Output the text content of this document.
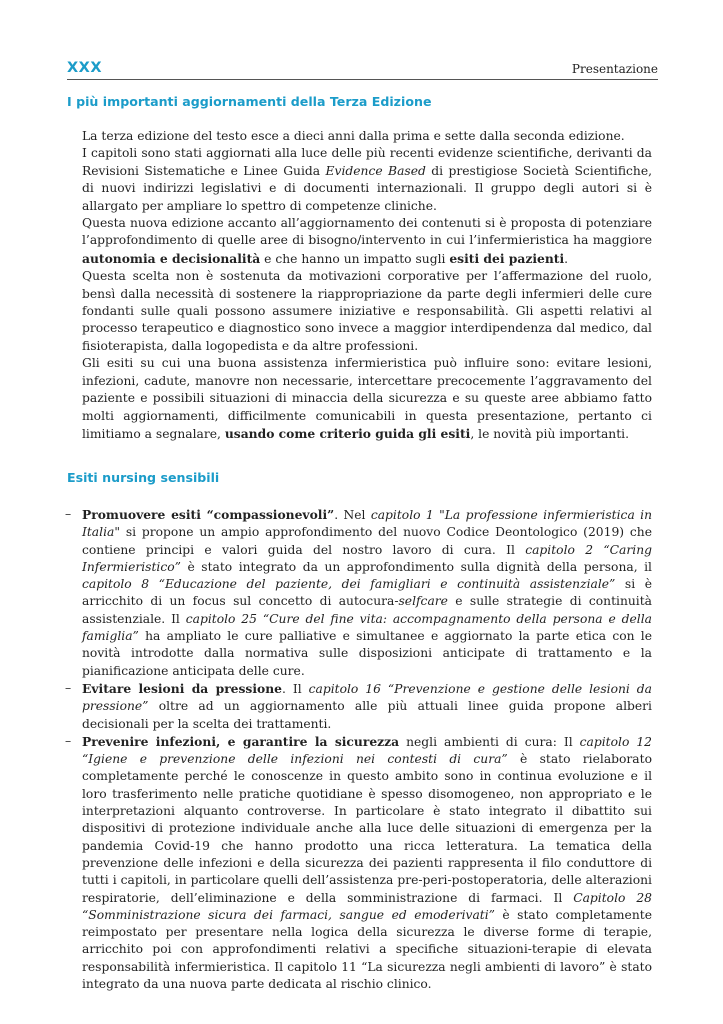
XXX	Presentazione
I più importanti aggiornamenti della Terza Edizione

La terza edizione del testo esce a dieci anni dalla prima e sette dalla seconda edizione.

I capitoli sono stati aggiornati alla luce delle più recenti evidenze scientifiche, derivanti da Revisioni Sistematiche e Linee Guida Evidence Based di prestigiose Società Scientifiche, di nuovi indirizzi legislativi e di documenti internazionali. Il gruppo degli autori si è allargato per ampliare lo spettro di competenze cliniche.

Questa nuova edizione accanto all’aggiornamento dei contenuti si è proposta di potenziare l’approfondimento di quelle aree di bisogno/intervento in cui l’infermieristica ha maggiore autonomia e decisionalità e che hanno un impatto sugli esiti dei pazienti.

Questa scelta non è sostenuta da motivazioni corporative per l’affermazione del ruolo, bensì dalla necessità di sostenere la riappropriazione da parte degli infermieri delle cure fondanti sulle quali possono assumere iniziative e responsabilità. Gli aspetti relativi al processo terapeutico e diagnostico sono invece a maggior interdipendenza dal medico, dal fisioterapista, dalla logopedista e da altre professioni.

Gli esiti su cui una buona assistenza infermieristica può influire sono: evitare lesioni, infezioni, cadute, manovre non necessarie, intercettare precocemente l’aggravamento del paziente e possibili situazioni di minaccia della sicurezza e su queste aree abbiamo fatto molti aggiornamenti, difficilmente comunicabili in questa presentazione, pertanto ci limitiamo a segnalare, usando come criterio guida gli esiti, le novità più importanti.

Esiti nursing sensibili
– Promuovere esiti “compassionevoli”. Nel capitolo 1 "La professione infermieristica in Italia" si propone un ampio approfondimento del nuovo Codice Deontologico (2019) che contiene principi e valori guida del nostro lavoro di cura. Il capitolo 2 “Caring Infermieristico” è stato integrato da un approfondimento sulla dignità della persona, il capitolo 8 “Educazione del paziente, dei famigliari e continuità assistenziale” si è arricchito di un focus sul concetto di autocura-selfcare e sulle strategie di continuità assistenziale. Il capitolo 25 “Cure del fine vita: accompagnamento della persona e della famiglia” ha ampliato le cure palliative e simultanee e aggiornato la parte etica con le novità introdotte dalla normativa sulle disposizioni anticipate di trattamento e la pianificazione anticipata delle cure.
– Evitare lesioni da pressione. Il capitolo 16 “Prevenzione e gestione delle lesioni da pressione” oltre ad un aggiornamento alle più attuali linee guida propone alberi decisionali per la scelta dei trattamenti.
– Prevenire infezioni, e garantire la sicurezza negli ambienti di cura: Il capitolo 12 “Igiene e prevenzione delle infezioni nei contesti di cura” è stato rielaborato completamente perché le conoscenze in questo ambito sono in continua evoluzione e il loro trasferimento nelle pratiche quotidiane è spesso disomogeneo, non appropriato e le interpretazioni alquanto controverse. In particolare è stato integrato il dibattito sui dispositivi di protezione individuale anche alla luce delle situazioni di emergenza per la pandemia Covid-19 che hanno prodotto una ricca letteratura. La tematica della prevenzione delle infezioni e della sicurezza dei pazienti rappresenta il filo conduttore di tutti i capitoli, in particolare quelli dell’assistenza pre-peri-postoperatoria, delle alterazioni respiratorie, dell’eliminazione e della somministrazione di farmaci. Il Capitolo 28 “Somministrazione sicura dei farmaci, sangue ed emoderivati” è stato completamente reimpostato per presentare nella logica della sicurezza le diverse forme di terapie, arricchito poi con approfondimenti relativi a specifiche situazioni-terapie di elevata responsabilità infermieristica. Il capitolo 11 “La sicurezza negli ambienti di lavoro” è stato integrato da una nuova parte dedicata al rischio clinico.
